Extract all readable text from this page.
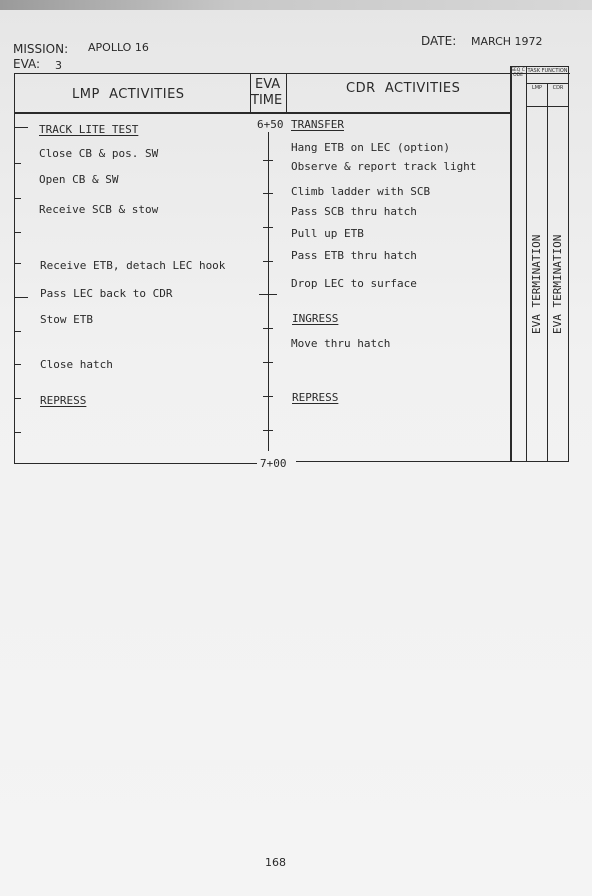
MISSION: APOLLO 16
EVA: 3
DATE: MARCH 1972
LMP  ACTIVITIES
EVA
TIME
CDR  ACTIVITIES
SEQ CODE
TASK FUNCTION
LMP CDR
6+50
7+00
TRACK LITE TEST
Close CB & pos. SW
Open CB & SW
Receive SCB & stow
Receive ETB, detach LEC hook
Pass LEC back to CDR
Stow ETB
Close hatch
REPRESS
TRANSFER
Hang ETB on LEC (option)
Observe & report track light
Climb ladder with SCB
Pass SCB thru hatch
Pull up ETB
Pass ETB thru hatch
Drop LEC to surface
INGRESS
Move thru hatch
REPRESS
EVA TERMINATION EVA TERMINATION
168
